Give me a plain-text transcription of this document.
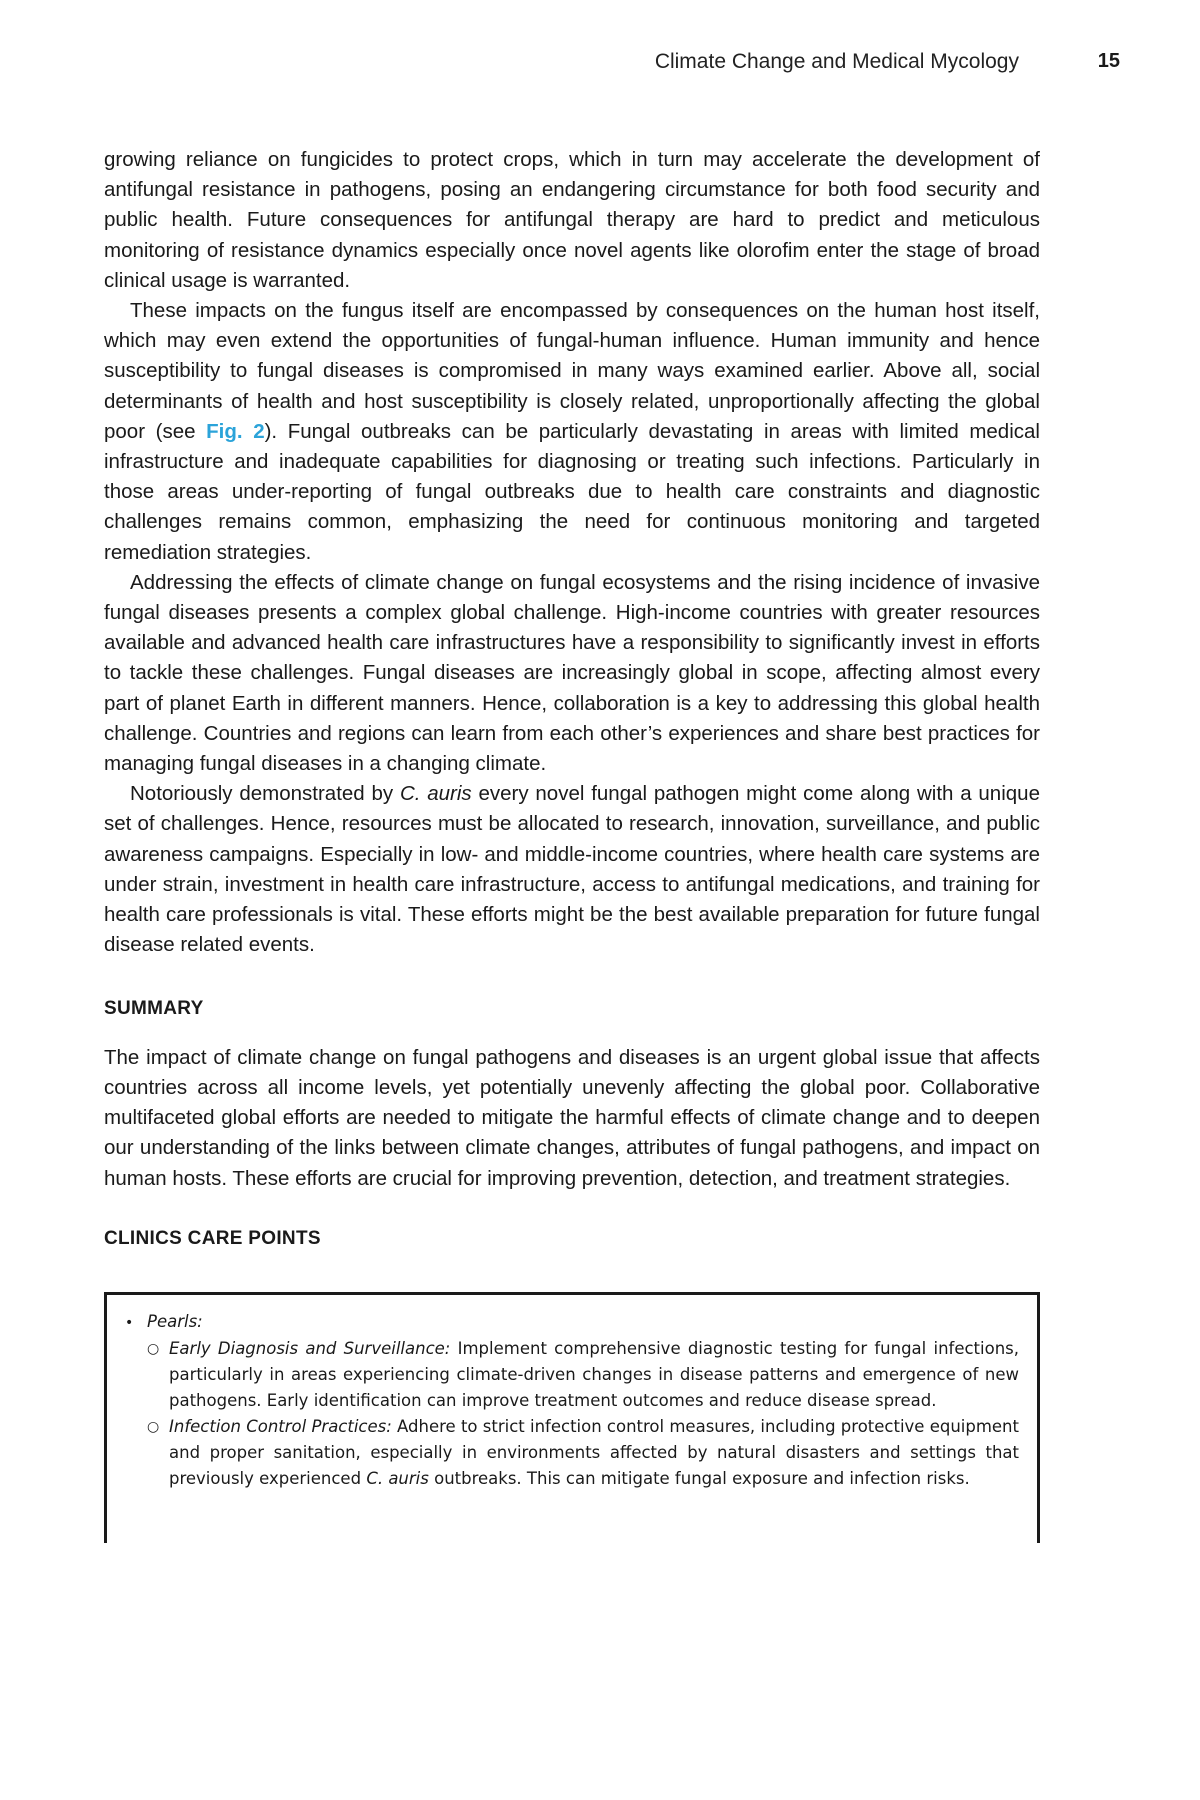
Climate Change and Medical Mycology	15

growing reliance on fungicides to protect crops, which in turn may accelerate the development of antifungal resistance in pathogens, posing an endangering circumstance for both food security and public health. Future consequences for antifungal therapy are hard to predict and meticulous monitoring of resistance dynamics especially once novel agents like olorofim enter the stage of broad clinical usage is warranted.

These impacts on the fungus itself are encompassed by consequences on the human host itself, which may even extend the opportunities of fungal-human influence. Human immunity and hence susceptibility to fungal diseases is compromised in many ways examined earlier. Above all, social determinants of health and host susceptibility is closely related, unproportionally affecting the global poor (see Fig. 2). Fungal outbreaks can be particularly devastating in areas with limited medical infrastructure and inadequate capabilities for diagnosing or treating such infections. Particularly in those areas under-reporting of fungal outbreaks due to health care constraints and diagnostic challenges remains common, emphasizing the need for continuous monitoring and targeted remediation strategies.

Addressing the effects of climate change on fungal ecosystems and the rising incidence of invasive fungal diseases presents a complex global challenge. High-income countries with greater resources available and advanced health care infrastructures have a responsibility to significantly invest in efforts to tackle these challenges. Fungal diseases are increasingly global in scope, affecting almost every part of planet Earth in different manners. Hence, collaboration is a key to addressing this global health challenge. Countries and regions can learn from each other’s experiences and share best practices for managing fungal diseases in a changing climate.

Notoriously demonstrated by C. auris every novel fungal pathogen might come along with a unique set of challenges. Hence, resources must be allocated to research, innovation, surveillance, and public awareness campaigns. Especially in low- and middle-income countries, where health care systems are under strain, investment in health care infrastructure, access to antifungal medications, and training for health care professionals is vital. These efforts might be the best available preparation for future fungal disease related events.

SUMMARY

The impact of climate change on fungal pathogens and diseases is an urgent global issue that affects countries across all income levels, yet potentially unevenly affecting the global poor. Collaborative multifaceted global efforts are needed to mitigate the harmful effects of climate change and to deepen our understanding of the links between climate changes, attributes of fungal pathogens, and impact on human hosts. These efforts are crucial for improving prevention, detection, and treatment strategies.

CLINICS CARE POINTS
• Pearls:
○ Early Diagnosis and Surveillance: Implement comprehensive diagnostic testing for fungal infections, particularly in areas experiencing climate-driven changes in disease patterns and emergence of new pathogens. Early identification can improve treatment outcomes and reduce disease spread.
○ Infection Control Practices: Adhere to strict infection control measures, including protective equipment and proper sanitation, especially in environments affected by natural disasters and settings that previously experienced C. auris outbreaks. This can mitigate fungal exposure and infection risks.
